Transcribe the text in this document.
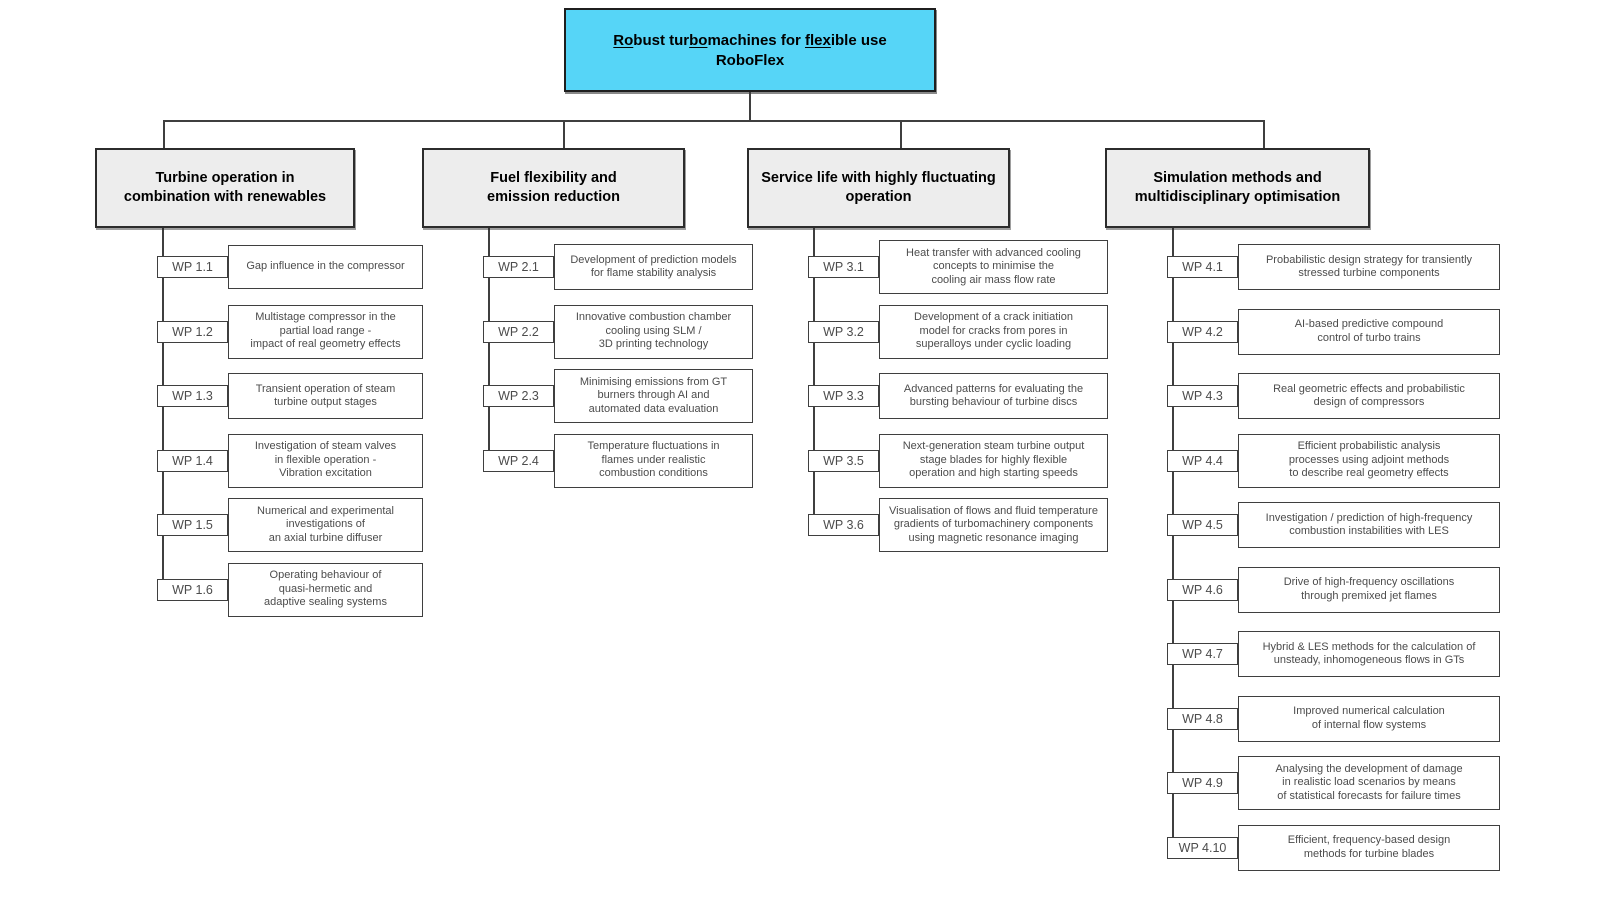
Robust turbomachines for flexible use
RoboFlex
Turbine operation in
combination with renewables
WP 1.1	Gap influence in the compressor
WP 1.2
Multistage compressor in the
partial load range -
impact of real geometry effects
WP 1.3
Transient operation of steam
turbine output stages
WP 1.4
Investigation of steam valves
in flexible operation -
Vibration excitation
WP 1.5
Numerical and experimental
investigations of
an axial turbine diffuser
WP 1.6
Operating behaviour of
quasi-hermetic and
adaptive sealing systems
Fuel flexibility and
emission reduction
WP 2.1
Development of prediction models
for flame stability analysis
WP 2.2
Innovative combustion chamber
cooling using SLM /
3D printing technology
WP 2.3
Minimising emissions from GT
burners through AI and
automated data evaluation
WP 2.4
Temperature fluctuations in
flames under realistic
combustion conditions
Service life with highly fluctuating
operation
WP 3.1
Heat transfer with advanced cooling
concepts to minimise the
cooling air mass flow rate
WP 3.2
Development of a crack initiation
model for cracks from pores in
superalloys under cyclic loading
WP 3.3
Advanced patterns for evaluating the
bursting behaviour of turbine discs
WP 3.5
Next-generation steam turbine output
stage blades for highly flexible
operation and high starting speeds
WP 3.6
Visualisation of flows and fluid temperature
gradients of turbomachinery components
using magnetic resonance imaging
Simulation methods and
multidisciplinary optimisation
WP 4.1
Probabilistic design strategy for transiently
stressed turbine components
WP 4.2
AI-based predictive compound
control of turbo trains
WP 4.3
Real geometric effects and probabilistic
design of compressors
WP 4.4
Efficient probabilistic analysis
processes using adjoint methods
to describe real geometry effects
WP 4.5
Investigation / prediction of high-frequency
combustion instabilities with LES
WP 4.6
Drive of high-frequency oscillations
through premixed jet flames
WP 4.7
Hybrid & LES methods for the calculation of
unsteady, inhomogeneous flows in GTs
WP 4.8
Improved numerical calculation
of internal flow systems
WP 4.9
Analysing the development of damage
in realistic load scenarios by means
of statistical forecasts for failure times
WP 4.10
Efficient, frequency-based design
methods for turbine blades
